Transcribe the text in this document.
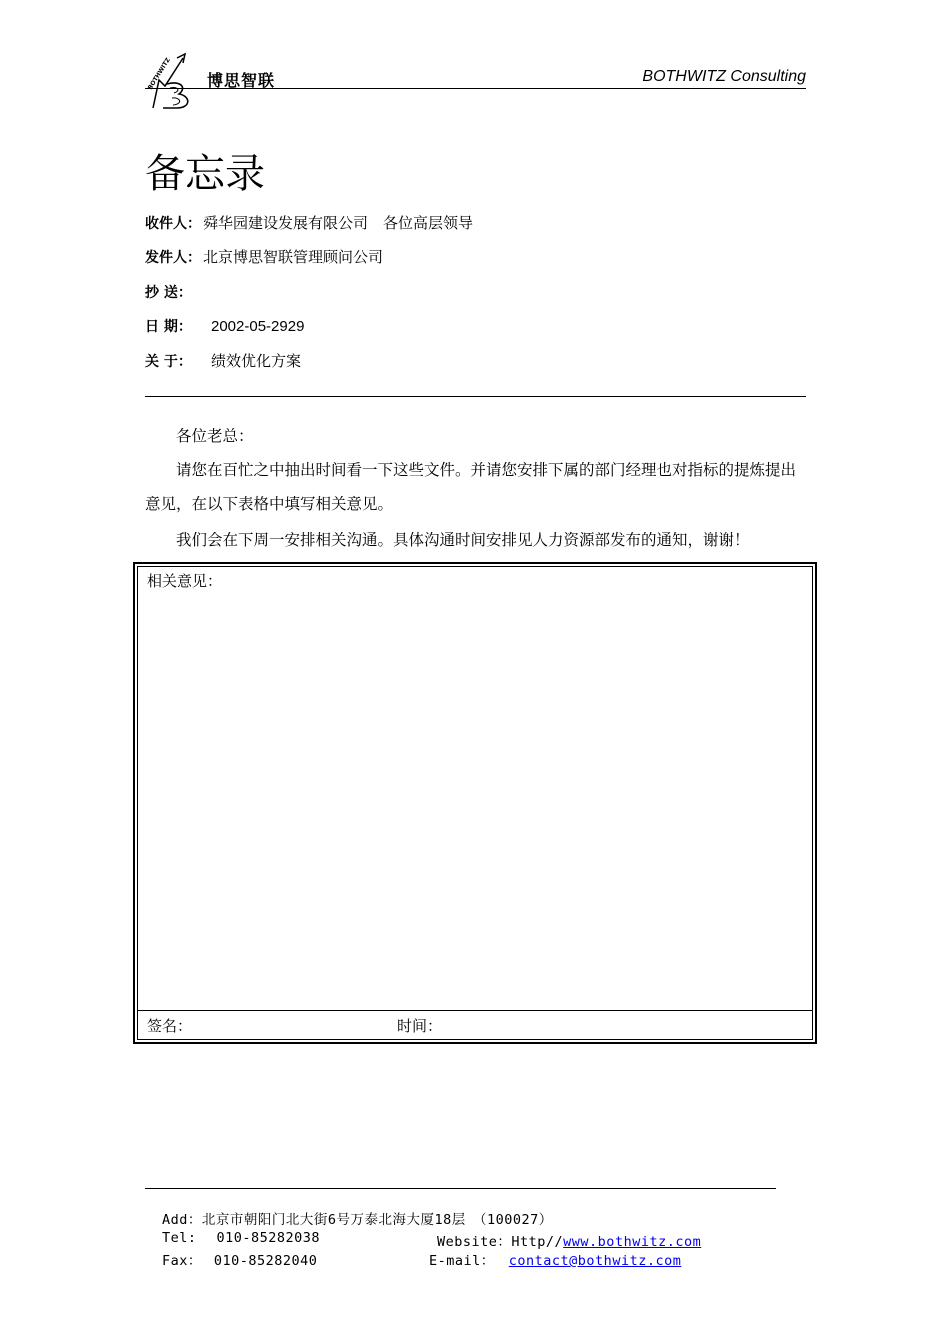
BOTHWITZ 博思智联	BOTHWITZ Consulting
备忘录
收件人： 舜华园建设发展有限公司　各位高层领导
发件人： 北京博思智联管理顾问公司
抄 送：
日 期： 2002-05-2929
关 于： 绩效优化方案
各位老总：
请您在百忙之中抽出时间看一下这些文件。并请您安排下属的部门经理也对指标的提炼提出意见，在以下表格中填写相关意见。
我们会在下周一安排相关沟通。具体沟通时间安排见人力资源部发布的通知，谢谢！
相关意见：
签名：	时间：
Add：北京市朝阳门北大街6号万泰北海大厦18层　（100027）
Tel: 010-85282038	Website：Http//www.bothwitz.com
Fax： 010-85282040	E-mail： contact@bothwitz.com
